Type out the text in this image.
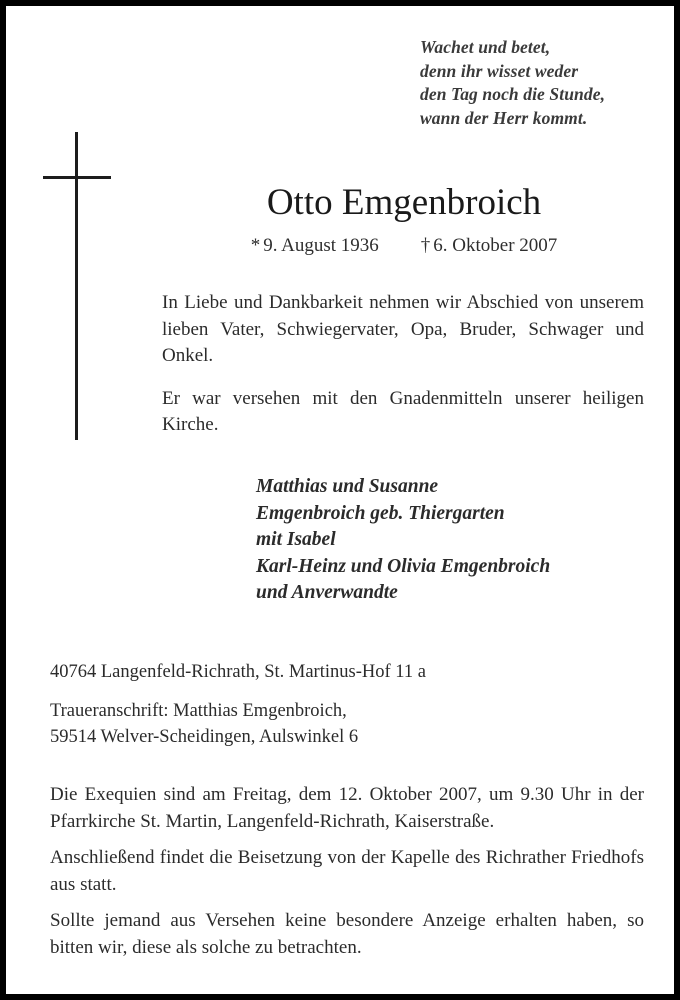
Wachet und betet,
denn ihr wisset weder
den Tag noch die Stunde,
wann der Herr kommt.
Otto Emgenbroich
* 9. August 1936 † 6. Oktober 2007

In Liebe und Dankbarkeit nehmen wir Abschied von unserem lieben Vater, Schwiegervater, Opa, Bruder, Schwager und Onkel.

Er war versehen mit den Gnadenmitteln unserer heiligen Kirche.

Matthias und Susanne
Emgenbroich geb. Thiergarten
mit Isabel
Karl-Heinz und Olivia Emgenbroich
und Anverwandte
40764 Langenfeld-Richrath, St. Martinus-Hof 11 a
Traueranschrift: Matthias Emgenbroich,
59514 Welver-Scheidingen, Aulswinkel 6

Die Exequien sind am Freitag, dem 12. Oktober 2007, um 9.30 Uhr in der Pfarrkirche St. Martin, Langenfeld-Richrath, Kaiserstraße.

Anschließend findet die Beisetzung von der Kapelle des Richrather Friedhofs aus statt.

Sollte jemand aus Versehen keine besondere Anzeige erhalten haben, so bitten wir, diese als solche zu betrachten.
